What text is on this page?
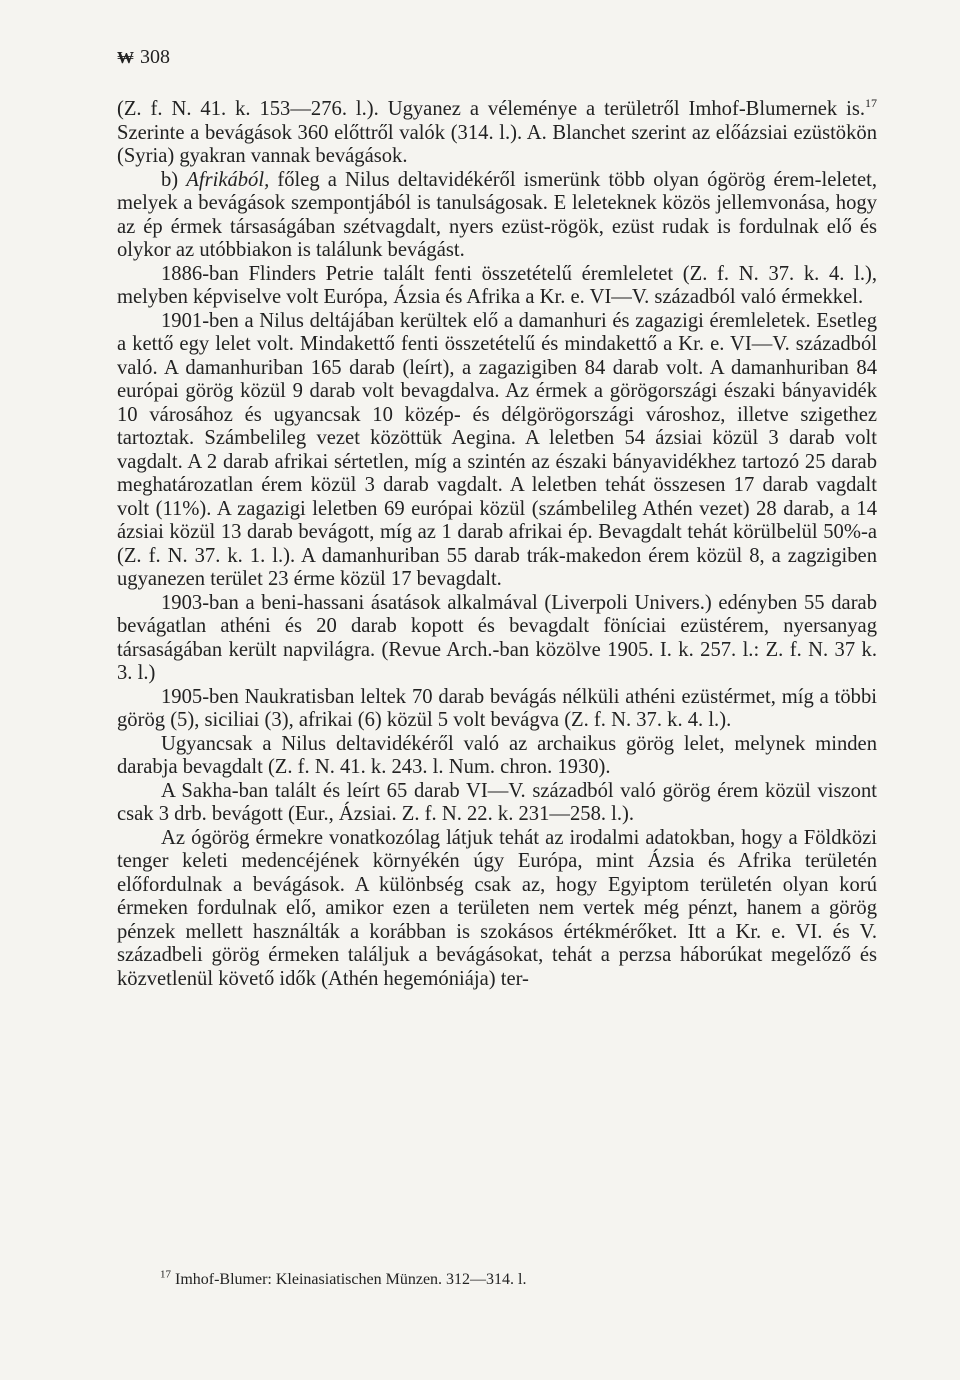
₩ 308

(Z. f. N. 41. k. 153—276. l.). Ugyanez a véleménye a területről Imhof-Blumernek is.$^{17}$ Szerinte a bevágások 360 előttről valók (314. l.). A. Blanchet szerint az előázsiai ezüstökön (Syria) gyakran vannak bevágások.

b) Afrikából, főleg a Nilus deltavidékéről ismerünk több olyan ógörög érem-leletet, melyek a bevágások szempontjából is tanulságosak. E leleteknek közös jellemvonása, hogy az ép érmek társaságában szétvagdalt, nyers ezüst-rögök, ezüst rudak is fordulnak elő és olykor az utóbbiakon is találunk bevágást.

1886-ban Flinders Petrie talált fenti összetételű éremleletet (Z. f. N. 37. k. 4. l.), melyben képviselve volt Európa, Ázsia és Afrika a Kr. e. VI—V. századból való érmekkel.

1901-ben a Nilus deltájában kerültek elő a damanhuri és zagazigi éremleletek. Esetleg a kettő egy lelet volt. Mindakettő fenti összetételű és mindakettő a Kr. e. VI—V. századból való. A damanhuriban 165 darab (leírt), a zagazigiben 84 darab volt. A damanhuriban 84 európai görög közül 9 darab volt bevagdalva. Az érmek a görögországi északi bányavidék 10 városához és ugyancsak 10 közép- és délgörögországi városhoz, illetve szigethez tartoztak. Számbelileg vezet közöttük Aegina. A leletben 54 ázsiai közül 3 darab volt vagdalt. A 2 darab afrikai sértetlen, míg a szintén az északi bányavidékhez tartozó 25 darab meghatározatlan érem közül 3 darab vagdalt. A leletben tehát összesen 17 darab vagdalt volt (11%). A zagazigi leletben 69 európai közül (számbelileg Athén vezet) 28 darab, a 14 ázsiai közül 13 darab bevágott, míg az 1 darab afrikai ép. Bevagdalt tehát körülbelül 50%-a (Z. f. N. 37. k. 1. l.). A damanhuriban 55 darab trák-makedon érem közül 8, a zagzigiben ugyanezen terület 23 érme közül 17 bevagdalt.

1903-ban a beni-hassani ásatások alkalmával (Liverpoli Univers.) edényben 55 darab bevágatlan athéni és 20 darab kopott és bevagdalt föníciai ezüstérem, nyersanyag társaságában került napvilágra. (Revue Arch.-ban közölve 1905. I. k. 257. l.: Z. f. N. 37 k. 3. l.)

1905-ben Naukratisban leltek 70 darab bevágás nélküli athéni ezüstérmet, míg a többi görög (5), siciliai (3), afrikai (6) közül 5 volt bevágva (Z. f. N. 37. k. 4. l.).

Ugyancsak a Nilus deltavidékéről való az archaikus görög lelet, melynek minden darabja bevagdalt (Z. f. N. 41. k. 243. l. Num. chron. 1930).

A Sakha-ban talált és leírt 65 darab VI—V. századból való görög érem közül viszont csak 3 drb. bevágott (Eur., Ázsiai. Z. f. N. 22. k. 231—258. l.).

Az ógörög érmekre vonatkozólag látjuk tehát az irodalmi adatokban, hogy a Földközi tenger keleti medencéjének környékén úgy Európa, mint Ázsia és Afrika területén előfordulnak a bevágások. A különbség csak az, hogy Egyiptom területén olyan korú érmeken fordulnak elő, amikor ezen a területen nem vertek még pénzt, hanem a görög pénzek mellett használták a korábban is szokásos értékmérőket. Itt a Kr. e. VI. és V. századbeli görög érmeken találjuk a bevágásokat, tehát a perzsa háborúkat megelőző és közvetlenül követő idők (Athén hegemóniája) ter-

$^{17}$ Imhof-Blumer: Kleinasiatischen Münzen. 312—314. l.
